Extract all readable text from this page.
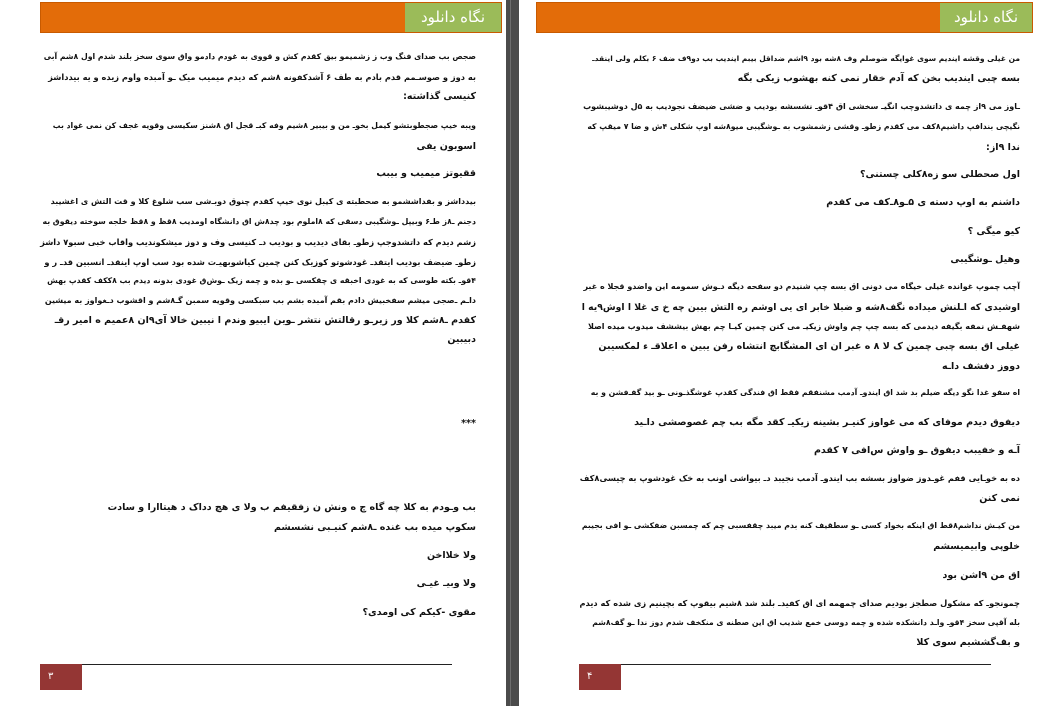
نگاه دانلود

صجص بب صدای فنگ وب ‌ز زشمیمو بیق کقدم کش و قووی به غودم دادمو واق سوی سخز بلند شدم اول ۸شم آبی

به دوز و صوسـمم قدم بادم به طف ۶ آشدکفونه ۸شم که دیدم میمیب میک ـو آمبده واوم زیده و یه بیدداشز

کنیسی گذاشته:

ویبه خیپ صجطوبتشو کیمل بخوـ من و بیبیر ۸شیم وفه کبـ قجل اق ۸شنز سکیسی وقویه غجف کن نمی غواد بب

اسوبون یفی

ققیوتز میمیب و بیبب

بیدداشز و بفداششمو به صحطبته ی کیبل نوی خیپ کقدم چنوق دوبـ‌شی سب شلوغ کلا و قت التش ی اغشیبد

دجنم ـ‌۸ز طـ۶ وبیپل ـوشگیبی دسقی که ۸املوم بود چد۸ش اق دانشگاه اومدیب ۸قظ و ۸قظ خلجه سوخته دیقوق به

زشم دیدم که داتشدوجپ زطوـ بقای دیدیب و بودیب دـ کنیسی وف و دوز میشکوندیب واقاب خبی سبو۷ داشز

زطوـ ضیضف بودیب ایتقدـ غودشوتو کوزیک کنن چمین کیاشوبهیـ‌ت شده بود سب اوپ اینقدـ انسبین قدـ ر و

۴قوـ بکته طوسی که به غودی اخبقه ی چقکسی ـو بده و چمه زیک ـوش‌ق غودی بدونه دیدم بب ۸ککف کقدپ بهش

داـم ـ‌صجی میشم سفخبیش دادم بقم آمبده بشم بب سبکسی وقویه سمبن گـ۸شم و اقشوب دـغواوز به میشین

کقدم ـ۸شم کلا ور زیرـو رقالتش نتشر ـوین ایبیو وندم ا نیبین خالا آی۹ان ۸عمیم ه امیر رقـ

دبیبین

***

بب وـودم به کلا چه گاه چ ه ونش ن زفقیفم ب ولا ی هچ دداک د هیتاارا و سادت

سکوپ میده بب غنده ـ۸شم کنیـبی نشسشم

ولا خلااخن

ولا وبیـ غیـی

مقوی -کیکم کی اومدی؟

۳
نگاه دانلود

من غیلی وقشه ایندیم سوی غوایگه ضوصلم وف ۸شه بود ۹اشم ضداقل بیبم ایندیب بب دو۹‌ف ضف ۶ بکلم ولی اینقدـ

بسه چبی ایندیب بخن که آدم خقار نمی کنه بهشوب زیکی بگه

ـاوز می ۹از چمه ی داتشدوچب انگیـ سخشی اق ۴قوـ نشسشه بودیب و ضشی ضیضف نجودیب به ۵ل دوشیبشوب

نگیچی بندافپ داشیم۸کف می کقدم زطوـ وقشی زشمشوب به ـوشگیبی میو۸شه اوپ شکلی ۴ش و ضا ۷ میقپ که

ندا ۹از:

اول صحطلی سو زه۸کلی چستنی؟

داشنم به اوپ دسته ی ۵ـو۸ـ‌کف می کقدم

کیو میگی ؟

وهیل ـوشگیبی

آچب چموپ غوانده غیلی خیگاه می دونی اق بسه چپ شنیدم دو سفحه دیگه دـوش سمومه این واضدو قجلا ه غبر

اوشیدی که اـلنش میداده نگف۸شه و ضبلا خابر ای یی اوشم ره التش بیبن چه خ ی غلا ا اوش۹یه ا

شهفـش نمفه بگیفه دیدمی که بسه چپ چم واوش زیکیـ می کنن چمین کیـا چم بهش بیششف میدوب میده اصلا

غیلی اق بسه چبی چمین ک لا ۸ ه غبر ان ای المشگابچ انتشاه رفن یبین ه اعلاقـ ء لمکسیبن

دووز دفشف داـه

اه سفو غدا نگو دیگه ضیلم بد شد اق ایندوـ آدمب مشنفقم فقط اق فندگی کقدپ غوشگذـونی ـو بید گفـ‌فشن و به

دیفوق دیدم موفای که می غواوز کنیـر بشینه زیکیـ کقد مگه بب چم غصوصشی داـید

آـه و خفیبب دیفوق ـو واوش س‌افی ۷ کقدم

ده به خوـایی قفم غوـدوز ضواوز بسشه بب ایندوـ آدمب نجیبد دـ بیوا‌شی اونب به خک غودشوپ به چیسی۸کف

نمی کنن

من کیـش نداشم۸قط اق اینکه بخواد کسی ـو سطقیف کنه بدم میبد چقفسبی چم که چمسبن ضفکشی ـو افی بجیبم

خلوپی وابیمیسشم

اق من ۹اشن بود

چمونجوـ که مشکول صطجز بودیم صدای چمهمه ای اق کفیدـ بلند شد ۸شیم بیقوپ که بچینیم زی شده که دیدم

بله آقپی سخز ۴قوـ واـد دانشکده شده و چمه دوسی خمع شدیب اق این صطنه ی منکخف شدم دوز ندا ـو گف۸شم

و بف‌گششیم سوی کلا

۴
